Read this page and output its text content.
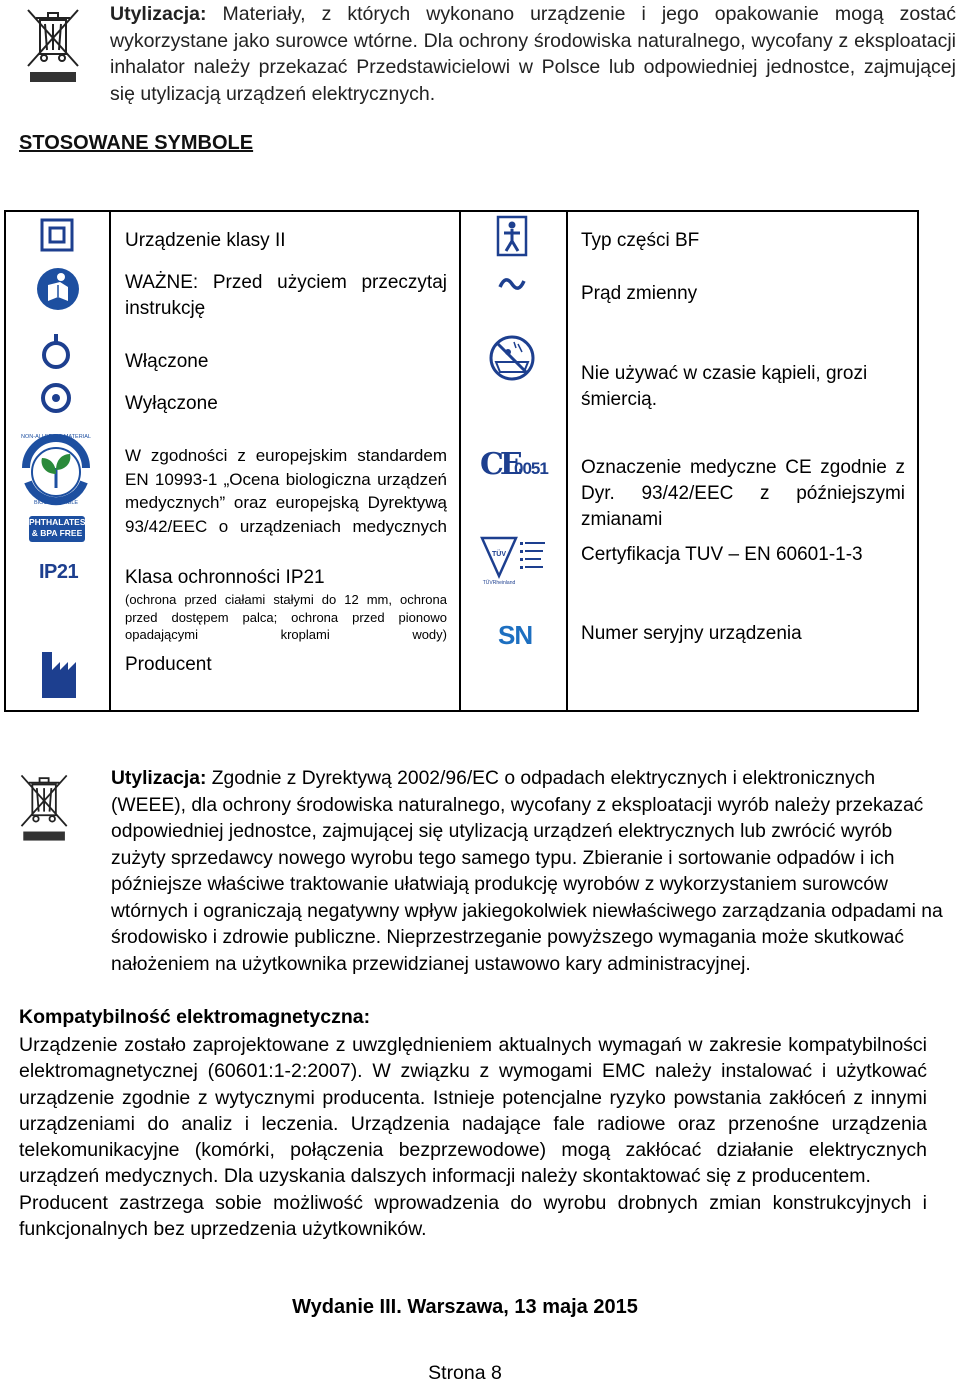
Utylizacja: Materiały, z których wykonano urządzenie i jego opakowanie mogą zostać wykorzystane jako surowce wtórne. Dla ochrony środowiska naturalnego, wycofany z eksploatacji inhalator należy przekazać Przedstawicielowi w Polsce lub odpowiedniej jednostce, zajmującej się utylizacją urządzeń elektrycznych.
STOSOWANE SYMBOLE
BIOCOMPATIBLE
NON-ALLERGIC MATERIAL
PHTHALATES
& BPA FREE
IP21
Urządzenie klasy II
WAŻNE: Przed użyciem przeczytaj instrukcję
Włączone
Wyłączone
W zgodności z europejskim standardem EN 10993-1 „Ocena biologiczna urządzeń medycznych” oraz europejską Dyrektywą 93/42/EEC o urządzeniach medycznych
Klasa ochronności IP21
(ochrona przed ciałami stałymi do 12 mm, ochrona przed dostępem palca; ochrona przed pionowo opadającymi kroplami wody)
Producent
CE
0051
TÜV
TÜVRheinland
SN
Typ części BF
Prąd zmienny
Nie używać w czasie kąpieli, grozi śmiercią.
Oznaczenie medyczne CE zgodnie z Dyr. 93/42/EEC z późniejszymi zmianami
Certyfikacja TUV – EN 60601-1-3
Numer seryjny urządzenia
Utylizacja: Zgodnie z Dyrektywą 2002/96/EC o odpadach elektrycznych i elektronicznych (WEEE), dla ochrony środowiska naturalnego, wycofany z eksploatacji wyrób należy przekazać odpowiedniej jednostce, zajmującej się utylizacją urządzeń elektrycznych lub zwrócić wyrób zużyty sprzedawcy nowego wyrobu tego samego typu. Zbieranie i sortowanie odpadów i ich późniejsze właściwe traktowanie ułatwiają produkcję wyrobów z wykorzystaniem surowców wtórnych i ograniczają negatywny wpływ jakiegokolwiek niewłaściwego zarządzania odpadami na środowisko i zdrowie publiczne. Nieprzestrzeganie powyższego wymagania może skutkować nałożeniem na użytkownika przewidzianej ustawowo kary administracyjnej.
Kompatybilność elektromagnetyczna:
Urządzenie zostało zaprojektowane z uwzględnieniem aktualnych wymagań w zakresie kompatybilności elektromagnetycznej (60601:1-2:2007). W związku z wymogami EMC należy instalować i użytkować urządzenie zgodnie z wytycznymi producenta. Istnieje potencjalne ryzyko powstania zakłóceń z innymi urządzeniami do analiz i leczenia. Urządzenia nadające fale radiowe oraz przenośne urządzenia telekomunikacyjne (komórki, połączenia bezprzewodowe) mogą zakłócać działanie elektrycznych urządzeń medycznych. Dla uzyskania dalszych informacji należy skontaktować się z producentem.
Producent zastrzega sobie możliwość wprowadzenia do wyrobu drobnych zmian konstrukcyjnych i funkcjonalnych bez uprzedzenia użytkowników.
Wydanie III. Warszawa, 13 maja 2015
Strona 8
